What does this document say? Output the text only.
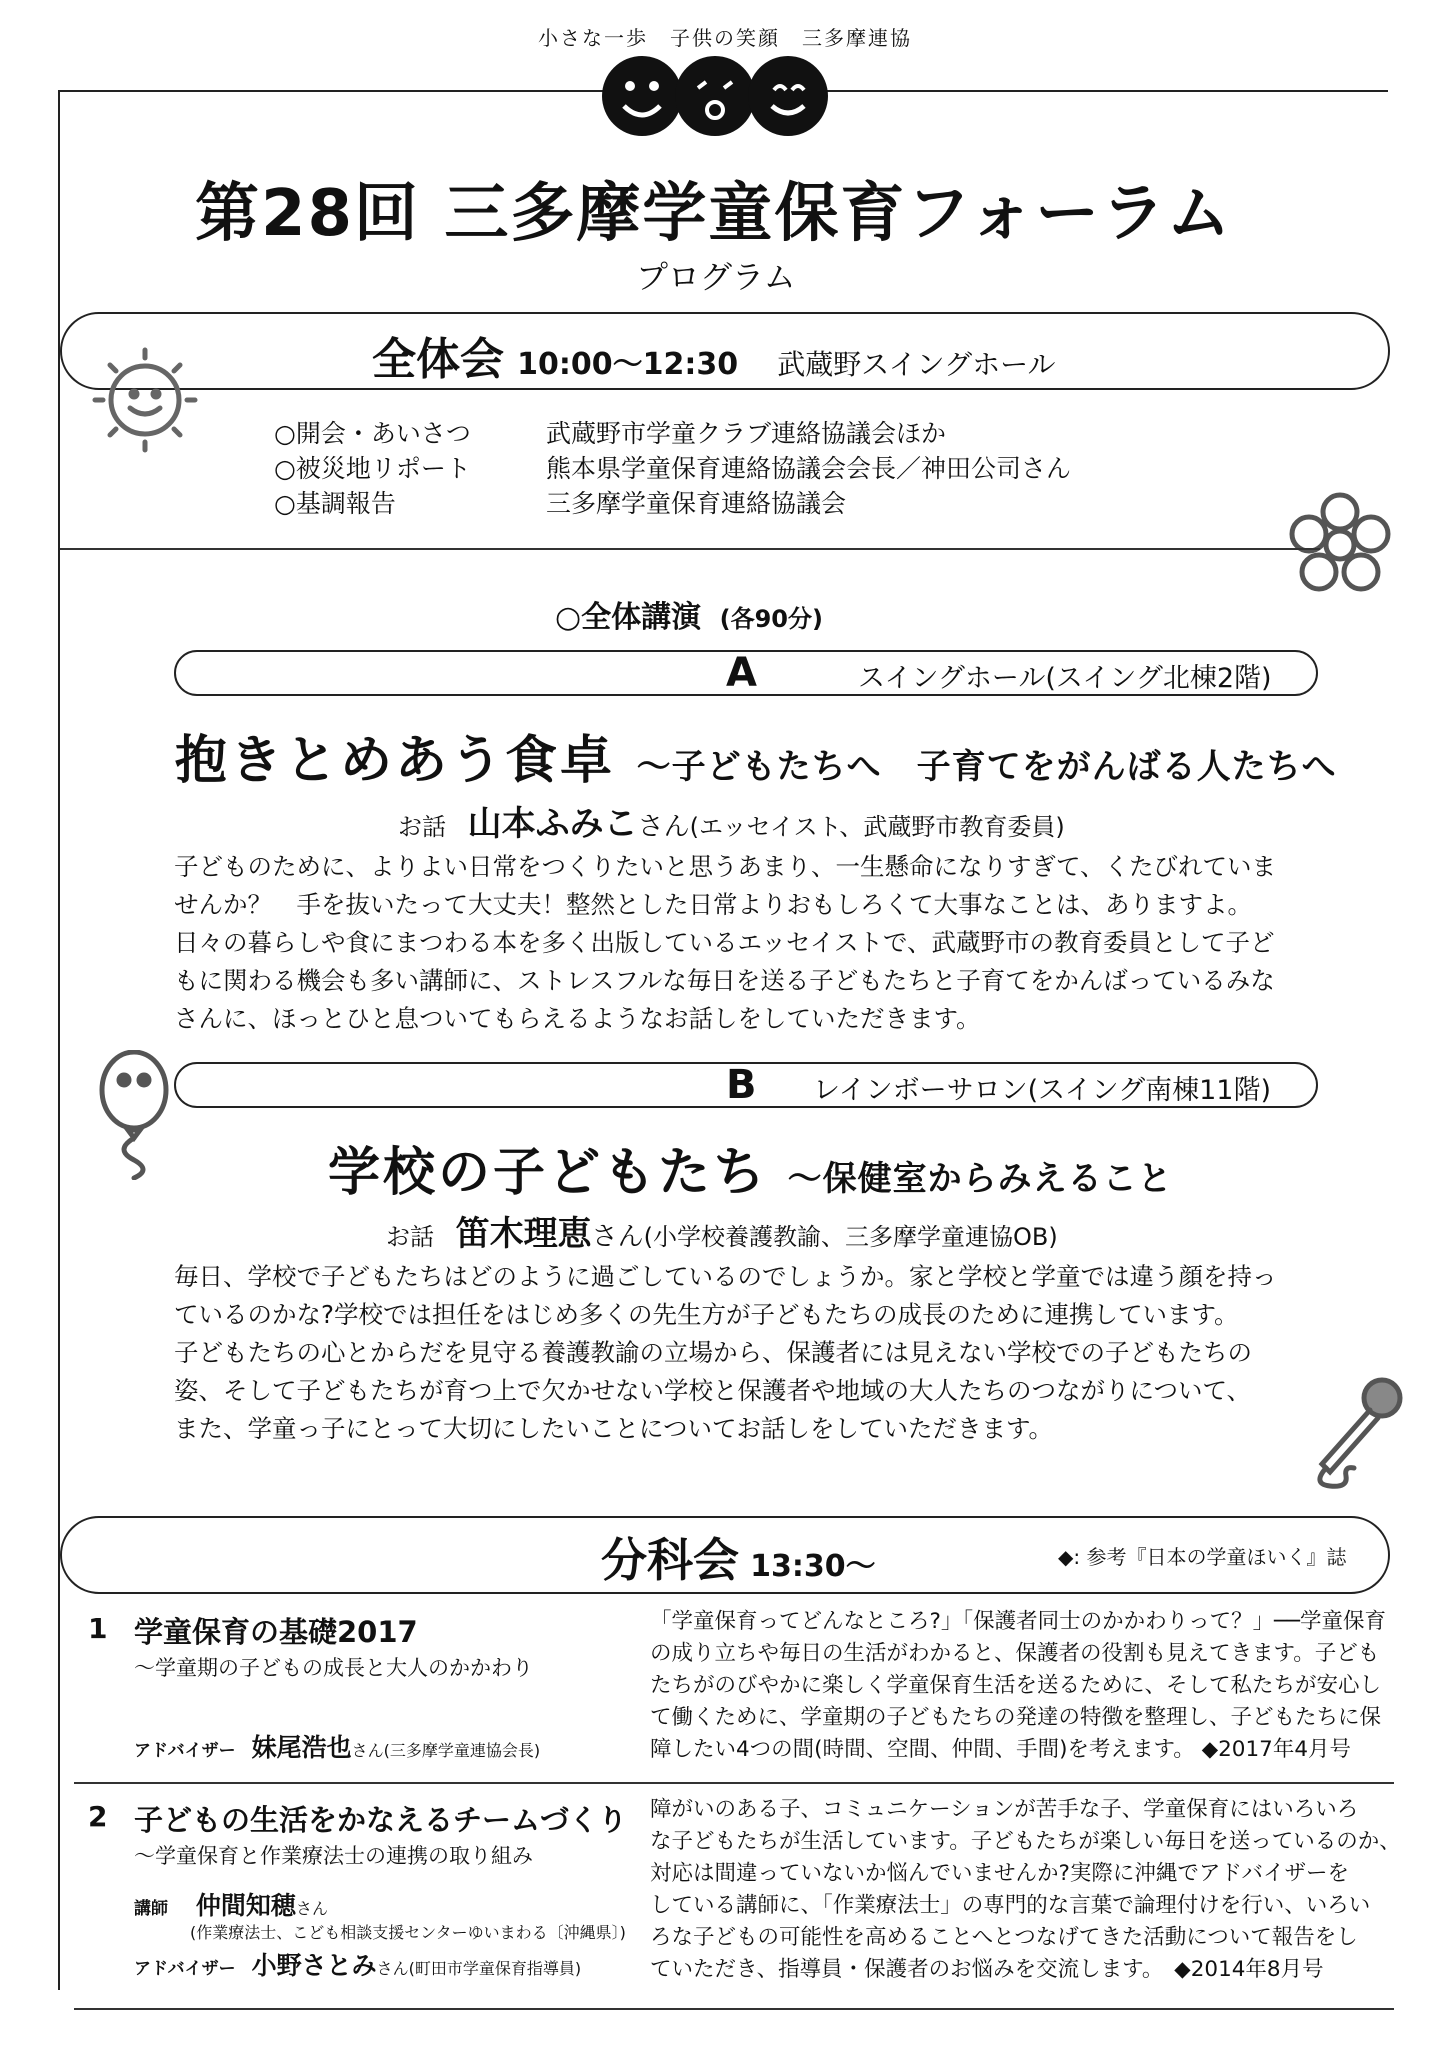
小さな一歩　子供の笑顔　三多摩連協
第28回 三多摩学童保育フォーラム
プログラム
全体会 10:00〜12:30 武蔵野スイングホール
○開会・あいさつ
○被災地リポート
○基調報告
武蔵野市学童クラブ連絡協議会ほか
熊本県学童保育連絡協議会会長／神田公司さん
三多摩学童保育連絡協議会
○全体講演 (各90分)
A	スイングホール(スイング北棟2階)
抱きとめあう食卓 〜子どもたちへ　子育てをがんばる人たちへ
お話 山本ふみこさん(エッセイスト、武蔵野市教育委員)
子どものために、よりよい日常をつくりたいと思うあまり、一生懸命になりすぎて、くたびれていま
せんか？　手を抜いたって大丈夫！整然とした日常よりおもしろくて大事なことは、ありますよ。
日々の暮らしや食にまつわる本を多く出版しているエッセイストで、武蔵野市の教育委員として子ど
もに関わる機会も多い講師に、ストレスフルな毎日を送る子どもたちと子育てをかんばっているみな
さんに、ほっとひと息ついてもらえるようなお話しをしていただきます。
B レインボーサロン(スイング南棟11階)
学校の子どもたち 〜保健室からみえること
お話 笛木理恵さん(小学校養護教諭、三多摩学童連協OB)
毎日、学校で子どもたちはどのように過ごしているのでしょうか。家と学校と学童では違う顔を持っ
ているのかな?学校では担任をはじめ多くの先生方が子どもたちの成長のために連携しています。
子どもたちの心とからだを見守る養護教諭の立場から、保護者には見えない学校での子どもたちの
姿、そして子どもたちが育つ上で欠かせない学校と保護者や地域の大人たちのつながりについて、
また、学童っ子にとって大切にしたいことについてお話しをしていただきます。
分科会 13:30〜	◆: 参考『日本の学童ほいく』誌
1 学童保育の基礎2017
〜学童期の子どもの成長と大人のかかわり
アドバイザー 妹尾浩也さん(三多摩学童連協会長)
「学童保育ってどんなところ?」「保護者同士のかかわりって？」──学童保育
の成り立ちや毎日の生活がわかると、保護者の役割も見えてきます。子ども
たちがのびやかに楽しく学童保育生活を送るために、そして私たちが安心し
て働くために、学童期の子どもたちの発達の特徴を整理し、子どもたちに保
障したい4つの間(時間、空間、仲間、手間)を考えます。 ◆2017年4月号
2 子どもの生活をかなえるチームづくり
〜学童保育と作業療法士の連携の取り組み
講師 仲間知穂さん
(作業療法士、こども相談支援センターゆいまわる〔沖縄県〕)
アドバイザー 小野さとみさん(町田市学童保育指導員)
障がいのある子、コミュニケーションが苦手な子、学童保育にはいろいろ
な子どもたちが生活しています。子どもたちが楽しい毎日を送っているのか、
対応は間違っていないか悩んでいませんか?実際に沖縄でアドバイザーを
している講師に、「作業療法士」の専門的な言葉で論理付けを行い、いろい
ろな子どもの可能性を高めることへとつなげてきた活動について報告をし
ていただき、指導員・保護者のお悩みを交流します。　◆2014年8月号
